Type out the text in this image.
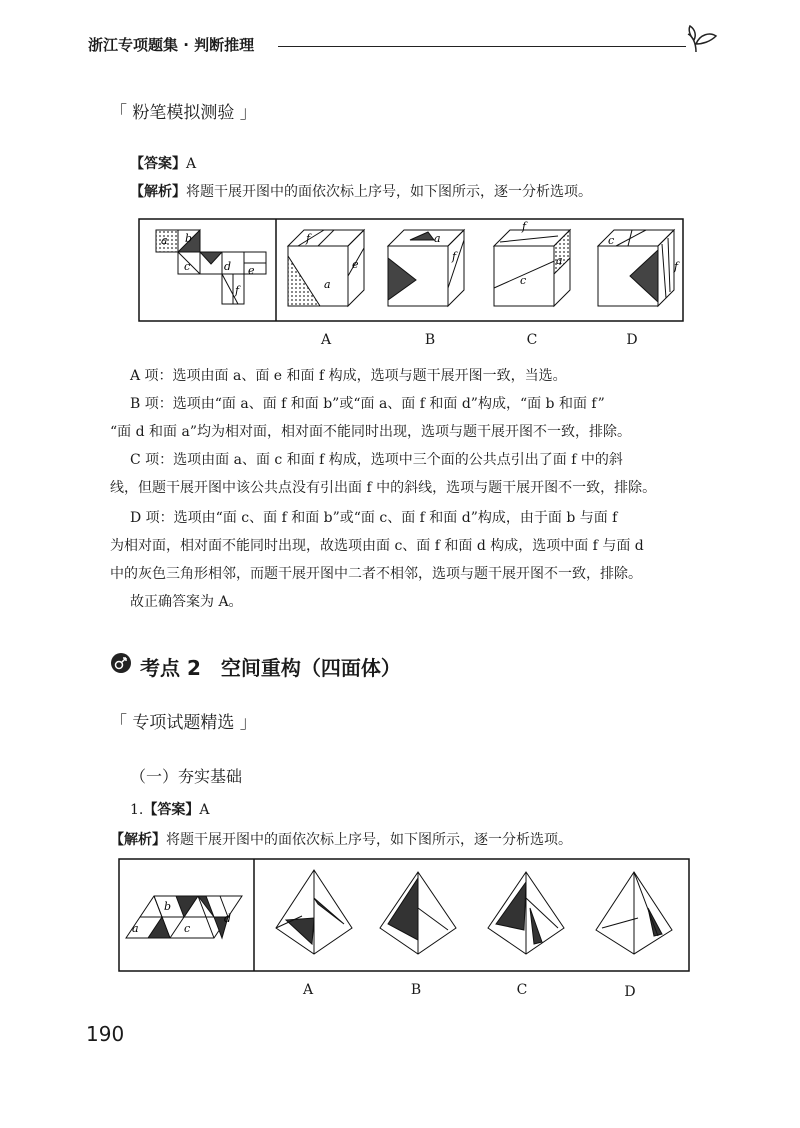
浙江专项题集 · 判断推理
「 粉笔模拟测验 」
【答案】A
【解析】将题干展开图中的面依次标上序号，如下图所示，逐一分析选项。
a b
c	d e
f
f
a
e
a
f
f
a
c
c
f
A	B	C	D
A 项：选项由面 a、面 e 和面 f 构成，选项与题干展开图一致，当选。
B 项：选项由“面 a、面 f 和面 b”或“面 a、面 f 和面 d”构成，“面 b 和面 f”
“面 d 和面 a”均为相对面，相对面不能同时出现，选项与题干展开图不一致，排除。
C 项：选项由面 a、面 c 和面 f 构成，选项中三个面的公共点引出了面 f 中的斜
线，但题干展开图中该公共点没有引出面 f 中的斜线，选项与题干展开图不一致，排除。
D 项：选项由“面 c、面 f 和面 b”或“面 c、面 f 和面 d”构成，由于面 b 与面 f
为相对面，相对面不能同时出现，故选项由面 c、面 f 和面 d 构成，选项中面 f 与面 d
中的灰色三角形相邻，而题干展开图中二者不相邻，选项与题干展开图不一致，排除。
故正确答案为 A。
考点 2　空间重构（四面体）
「 专项试题精选 」
（一）夯实基础
1.【答案】A
【解析】将题干展开图中的面依次标上序号，如下图所示，逐一分析选项。
a
b
c
d
A	B	C	D
190
